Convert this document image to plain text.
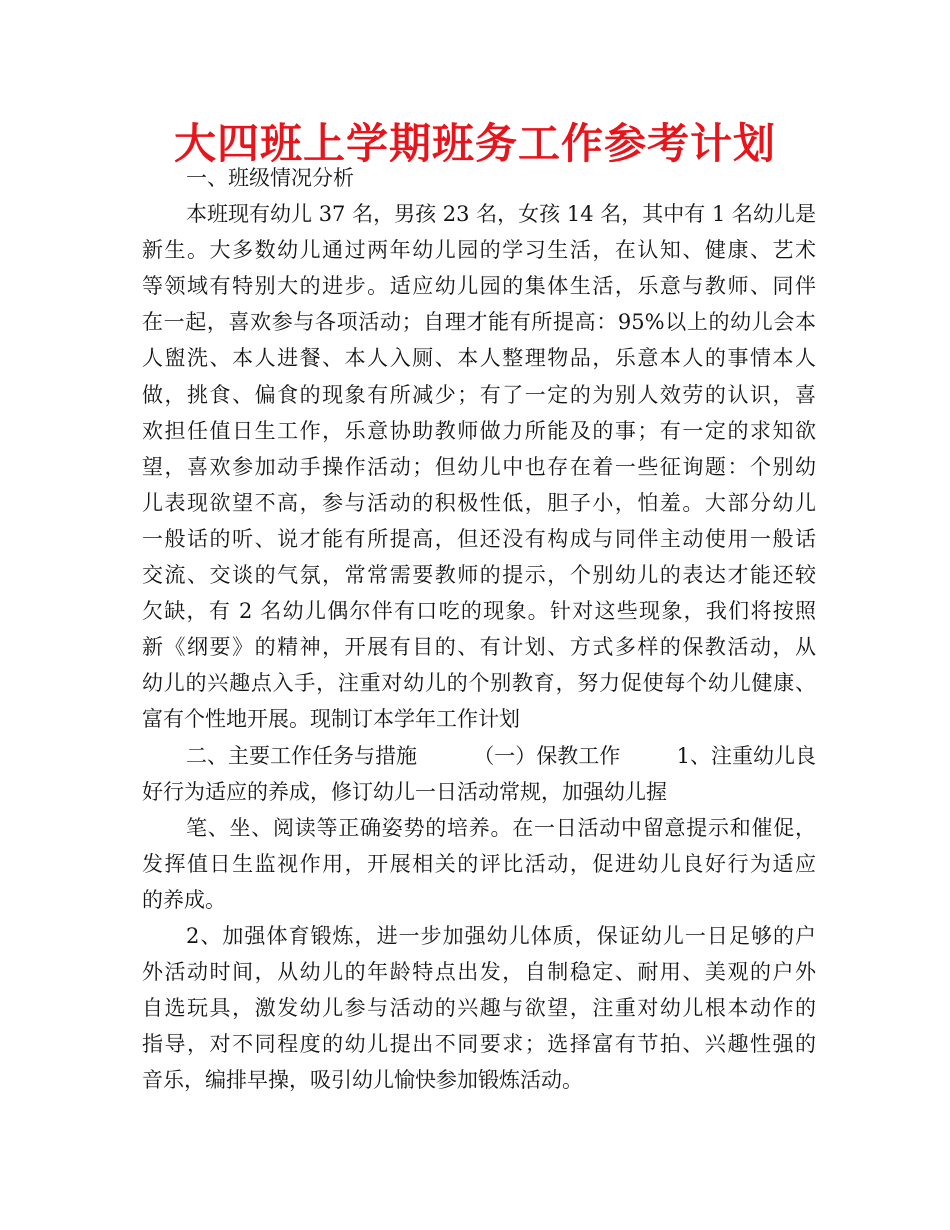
大四班上学期班务工作参考计划
一、班级情况分析
本班现有幼儿 37 名，男孩 23 名，女孩 14 名，其中有 1 名幼儿是
新生。大多数幼儿通过两年幼儿园的学习生活，在认知、健康、艺术
等领域有特别大的进步。适应幼儿园的集体生活，乐意与教师、同伴
在一起，喜欢参与各项活动；自理才能有所提高：95%以上的幼儿会本
人盥洗、本人进餐、本人入厕、本人整理物品，乐意本人的事情本人
做，挑食、偏食的现象有所减少；有了一定的为别人效劳的认识，喜
欢担任值日生工作，乐意协助教师做力所能及的事；有一定的求知欲
望，喜欢参加动手操作活动；但幼儿中也存在着一些征询题：个别幼
儿表现欲望不高，参与活动的积极性低，胆子小，怕羞。大部分幼儿
一般话的听、说才能有所提高，但还没有构成与同伴主动使用一般话
交流、交谈的气氛，常常需要教师的提示，个别幼儿的表达才能还较
欠缺，有 2 名幼儿偶尔伴有口吃的现象。针对这些现象，我们将按照
新《纲要》的精神，开展有目的、有计划、方式多样的保教活动，从
幼儿的兴趣点入手，注重对幼儿的个别教育，努力促使每个幼儿健康、
富有个性地开展。现制订本学年工作计划
二、主要工作任务与措施	（一）保教工作	1、注重幼儿良
好行为适应的养成，修订幼儿一日活动常规，加强幼儿握
笔、坐、阅读等正确姿势的培养。在一日活动中留意提示和催促，
发挥值日生监视作用，开展相关的评比活动，促进幼儿良好行为适应
的养成。
2、加强体育锻炼，进一步加强幼儿体质，保证幼儿一日足够的户
外活动时间，从幼儿的年龄特点出发，自制稳定、耐用、美观的户外
自选玩具，激发幼儿参与活动的兴趣与欲望，注重对幼儿根本动作的
指导，对不同程度的幼儿提出不同要求；选择富有节拍、兴趣性强的
音乐，编排早操，吸引幼儿愉快参加锻炼活动。
